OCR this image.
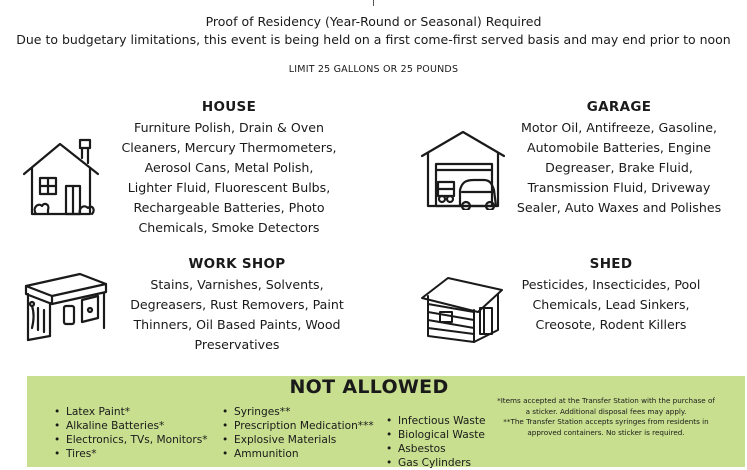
Proof of Residency (Year-Round or Seasonal) Required
Due to budgetary limitations, this event is being held on a first come-first served basis and may end prior to noon
LIMIT 25 GALLONS OR 25 POUNDS
HOUSE

Furniture Polish, Drain & Oven
Cleaners, Mercury Thermometers,
Aerosol Cans, Metal Polish,
Lighter Fluid, Fluorescent Bulbs,
Rechargeable Batteries, Photo
Chemicals, Smoke Detectors

GARAGE

Motor Oil, Antifreeze, Gasoline,
Automobile Batteries, Engine
Degreaser, Brake Fluid,
Transmission Fluid, Driveway
Sealer, Auto Waxes and Polishes

WORK SHOP

Stains, Varnishes, Solvents,
Degreasers, Rust Removers, Paint
Thinners, Oil Based Paints, Wood
Preservatives

SHED

Pesticides, Insecticides, Pool
Chemicals, Lead Sinkers,
Creosote, Rodent Killers

NOT ALLOWED
• Latex Paint*
• Alkaline Batteries*
• Electronics, TVs, Monitors*
• Tires*
• Syringes**
• Prescription Medication***
• Explosive Materials
• Ammunition
• Infectious Waste
• Biological Waste
• Asbestos
• Gas Cylinders

*Items accepted at the Transfer Station with the purchase of a sticker. Additional disposal fees may apply.

**The Transfer Station accepts syringes from residents in approved containers. No sticker is required.
